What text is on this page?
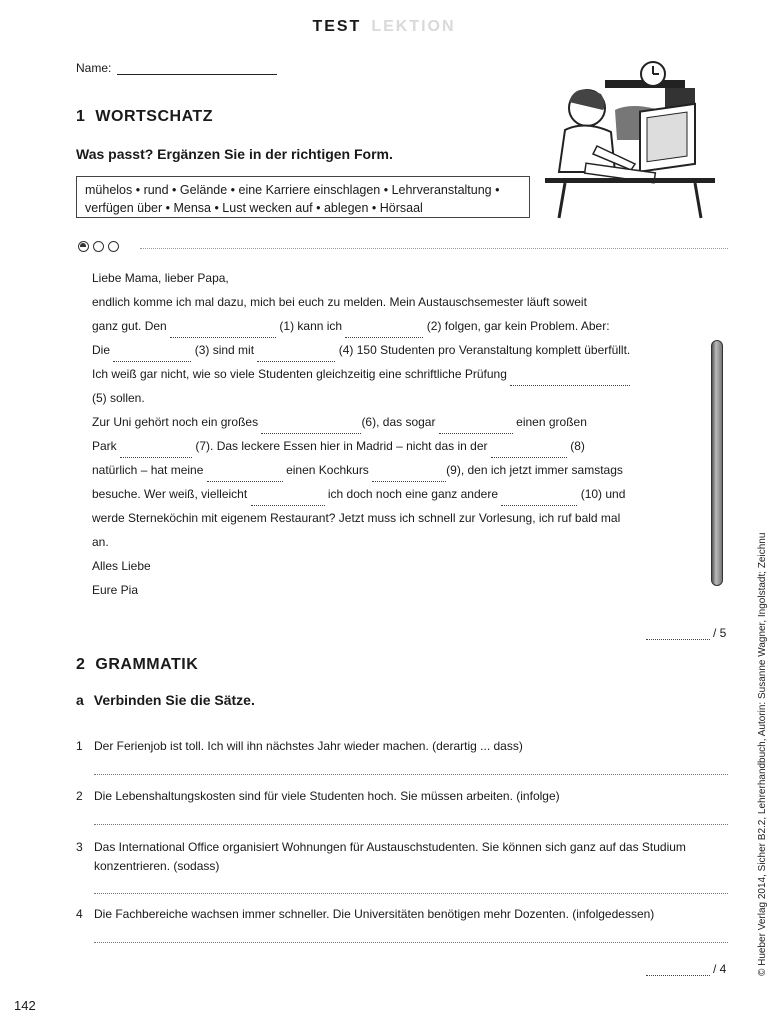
TEST LEKTION
Name:
1 WORTSCHATZ
Was passt? Ergänzen Sie in der richtigen Form.
mühelos • rund • Gelände • eine Karriere einschlagen • Lehrveranstaltung •
verfügen über • Mensa • Lust wecken auf • ablegen • Hörsaal
Liebe Mama, lieber Papa,
endlich komme ich mal dazu, mich bei euch zu melden. Mein Austauschsemester läuft soweit
ganz gut. Den	(1) kann ich	(2) folgen, gar kein Problem. Aber:
Die	(3) sind mit	(4) 150 Studenten pro Veranstaltung komplett überfüllt.
Ich weiß gar nicht, wie so viele Studenten gleichzeitig eine schriftliche Prüfung
(5) sollen.
Zur Uni gehört noch ein großes	(6), das sogar	einen großen
Park	(7). Das leckere Essen hier in Madrid – nicht das in der	(8)
natürlich – hat meine	einen Kochkurs	(9), den ich jetzt immer samstags
besuche. Wer weiß, vielleicht	ich doch noch eine ganz andere	(10) und
werde Sterneköchin mit eigenem Restaurant? Jetzt muss ich schnell zur Vorlesung, ich ruf bald mal
an.
Alles Liebe
Eure Pia
/ 5
2 GRAMMATIK
a Verbinden Sie die Sätze.
1 Der Ferienjob ist toll. Ich will ihn nächstes Jahr wieder machen. (derartig ... dass)
2 Die Lebenshaltungskosten sind für viele Studenten hoch. Sie müssen arbeiten. (infolge)
3 Das International Office organisiert Wohnungen für Austauschstudenten. Sie können sich ganz auf das Studium konzentrieren. (sodass)
4 Die Fachbereiche wachsen immer schneller. Die Universitäten benötigen mehr Dozenten. (infolgedessen)
/ 4	© Hueber Verlag 2014, Sicher B2.2, Lehrerhandbuch, Autorin: Susanne Wagner, Ingolstadt; Zeichnu
142
